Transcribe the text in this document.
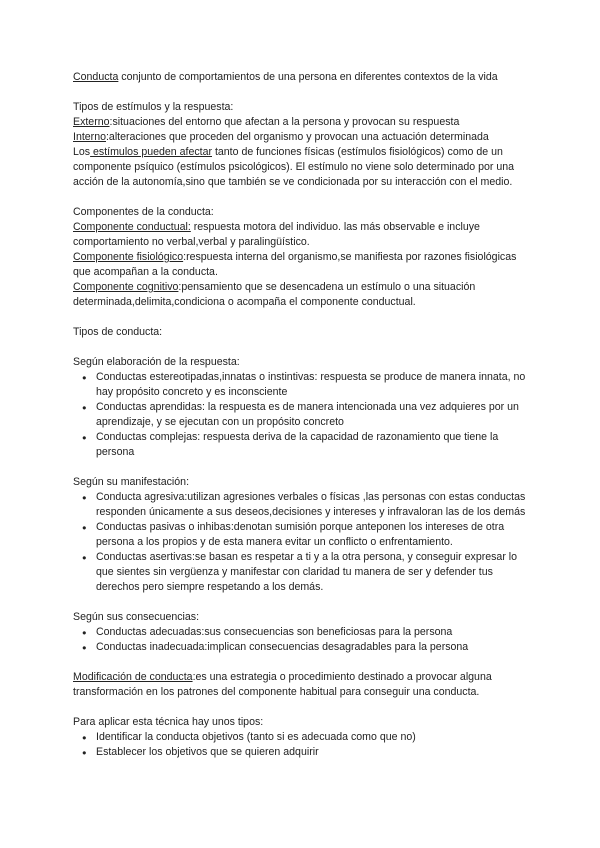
Conducta conjunto de comportamientos de una persona en diferentes contextos de la vida

Tipos de estímulos y la respuesta:

Externo:situaciones del entorno que afectan a la persona y provocan su respuesta

Interno:alteraciones que proceden del organismo y provocan una actuación determinada

Los estímulos pueden afectar tanto de funciones físicas (estímulos fisiológicos) como de un componente psíquico (estímulos psicológicos). El estímulo no viene solo determinado por una acción de la autonomía,sino que también se ve condicionada por su interacción con el medio.

Componentes de la conducta:

Componente conductual: respuesta motora del individuo. las más observable e incluye comportamiento no verbal,verbal y paralingüístico.

Componente fisiológico:respuesta interna del organismo,se manifiesta por razones fisiológicas que acompañan a la conducta.

Componente cognitivo:pensamiento que se desencadena un estímulo o una situación determinada,delimita,condiciona o acompaña el componente conductual.

Tipos de conducta:

Según elaboración de la respuesta:

● Conductas estereotipadas,innatas o instintivas: respuesta se produce de manera innata, no hay propósito concreto y es inconsciente
● Conductas aprendidas: la respuesta es de manera intencionada una vez adquieres por un aprendizaje, y se ejecutan con un propósito concreto
● Conductas complejas: respuesta deriva de la capacidad de razonamiento que tiene la persona

Según su manifestación:

● Conducta agresiva:utilizan agresiones verbales o físicas ,las personas con estas conductas responden únicamente a sus deseos,decisiones y intereses y infravaloran las de los demás
● Conductas pasivas o inhibas:denotan sumisión porque anteponen los intereses de otra persona a los propios y de esta manera evitar un conflicto o enfrentamiento.
● Conductas asertivas:se basan es respetar a ti y a la otra persona, y conseguir expresar lo que sientes sin vergüenza y manifestar con claridad tu manera de ser y defender tus derechos pero siempre respetando a los demás.

Según sus consecuencias:

● Conductas adecuadas:sus consecuencias son beneficiosas para la persona
● Conductas inadecuada:implican consecuencias desagradables para la persona

Modificación de conducta:es una estrategia o procedimiento destinado a provocar alguna transformación en los patrones del componente habitual para conseguir una conducta.

Para aplicar esta técnica hay unos tipos:

● Identificar la conducta objetivos (tanto si es adecuada como que no)
● Establecer los objetivos que se quieren adquirir
